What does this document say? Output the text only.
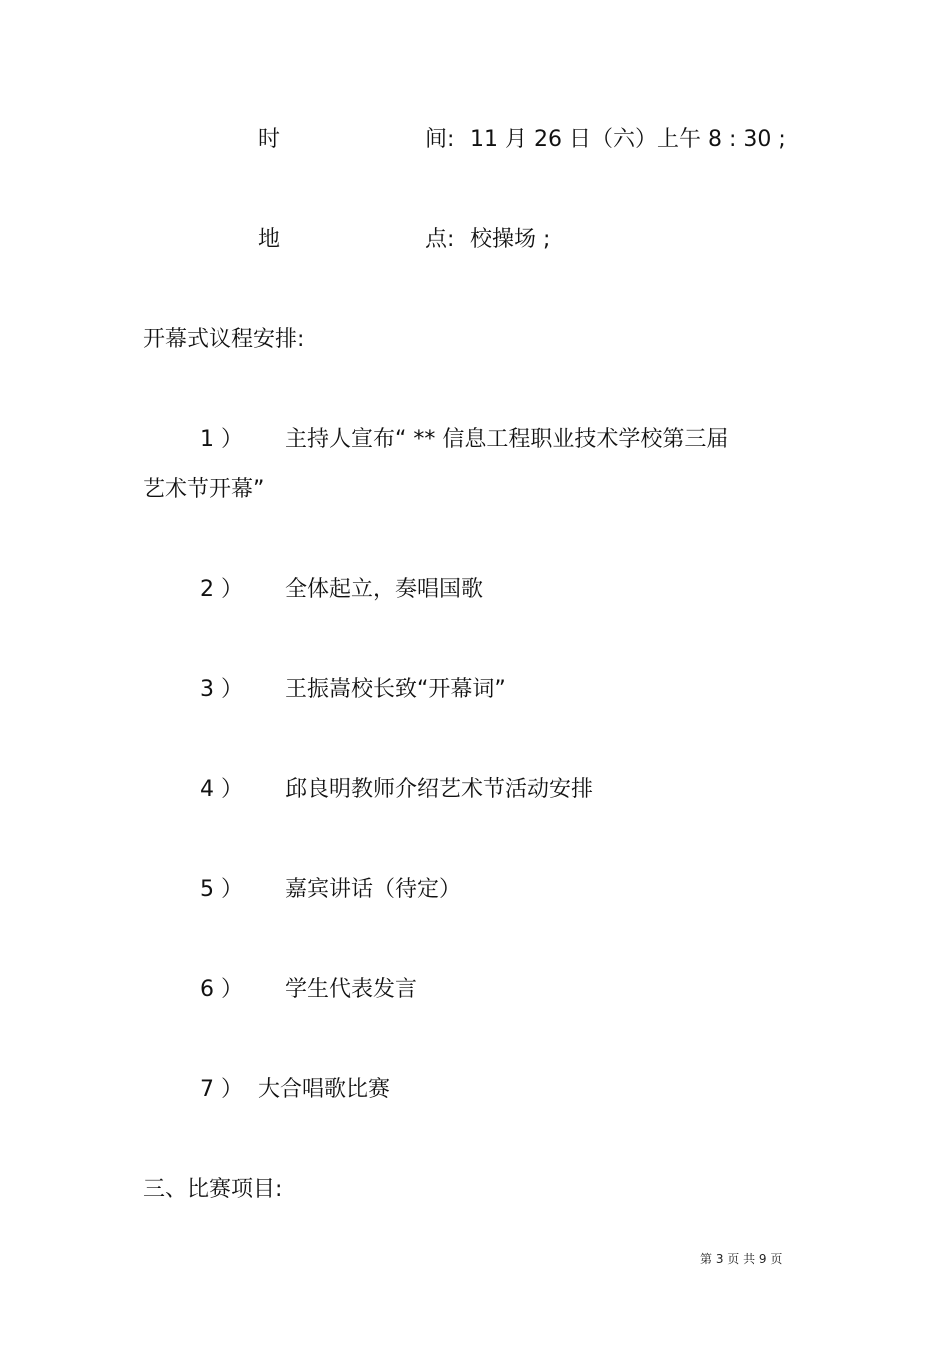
时	间: 11 月 26 日（六）上午 8 : 30 ;
地	点: 校操场 ;
开幕式议程安排:
1 ） 主持人宣布“ ** 信息工程职业技术学校第三届
艺术节开幕”
2 ） 全体起立，奏唱国歌
3 ） 王振嵩校长致“开幕词”
4 ） 邱良明教师介绍艺术节活动安排
5 ） 嘉宾讲话（待定）
6 ） 学生代表发言
7 ） 大合唱歌比赛
三、比赛项目:
第 3 页 共 9 页
